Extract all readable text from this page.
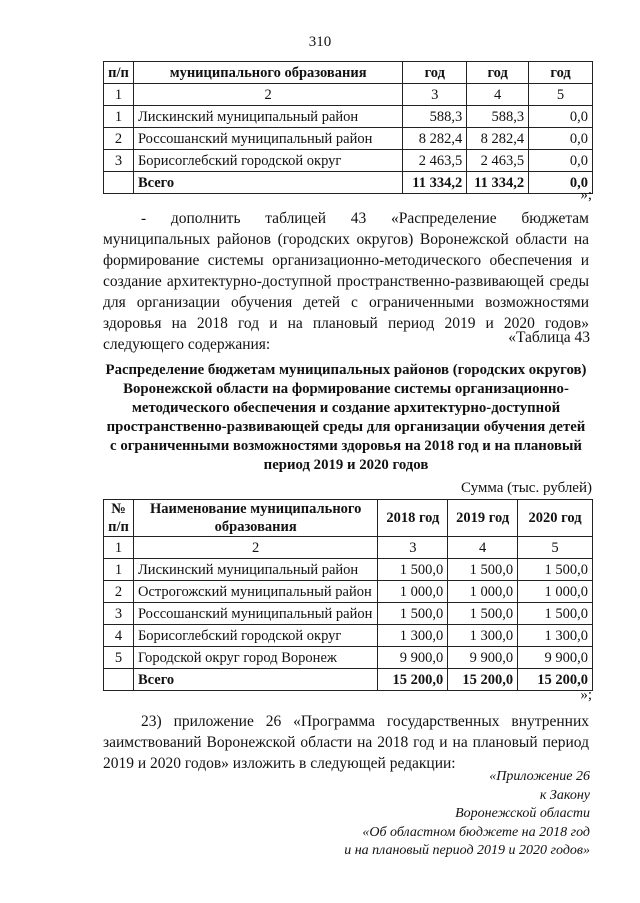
310
п/п	муниципального образования	год	год	год
1	2	3	4	5
1	Лискинский муниципальный район	588,3	588,3	0,0
2	Россошанский муниципальный район	8 282,4	8 282,4	0,0
3	Борисоглебский городской округ	2 463,5	2 463,5	0,0
	Всего	11 334,2	11 334,2	0,0
»;

- дополнить таблицей 43 «Распределение бюджетам муниципальных районов (городских округов) Воронежской области на формирование системы организационно-методического обеспечения и создание архитектурно-доступной пространственно-развивающей среды для организации обучения детей с ограниченными возможностями здоровья на 2018 год и на плановый период 2019 и 2020 годов» следующего содержания:	«Таблица 43
Распределение бюджетам муниципальных районов (городских округов) Воронежской области на формирование системы организационно-методического обеспечения и создание архитектурно-доступной пространственно-развивающей среды для организации обучения детей с ограниченными возможностями здоровья на 2018 год и на плановый период 2019 и 2020 годов
Сумма (тыс. рублей)
№ п/п	Наименование муниципального образования	2018 год	2019 год	2020 год
1	2	3	4	5
1	Лискинский муниципальный район	1 500,0	1 500,0	1 500,0
2	Острогожский муниципальный район	1 000,0	1 000,0	1 000,0
3	Россошанский муниципальный район	1 500,0	1 500,0	1 500,0
4	Борисоглебский городской округ	1 300,0	1 300,0	1 300,0
5	Городской округ город Воронеж	9 900,0	9 900,0	9 900,0
	Всего	15 200,0	15 200,0	15 200,0
»;

23) приложение 26 «Программа государственных внутренних заимствований Воронежской области на 2018 год и на плановый период 2019 и 2020 годов» изложить в следующей редакции:

«Приложение 26
к Закону
Воронежской области
«Об областном бюджете на 2018 год
и на плановый период 2019 и 2020 годов»
